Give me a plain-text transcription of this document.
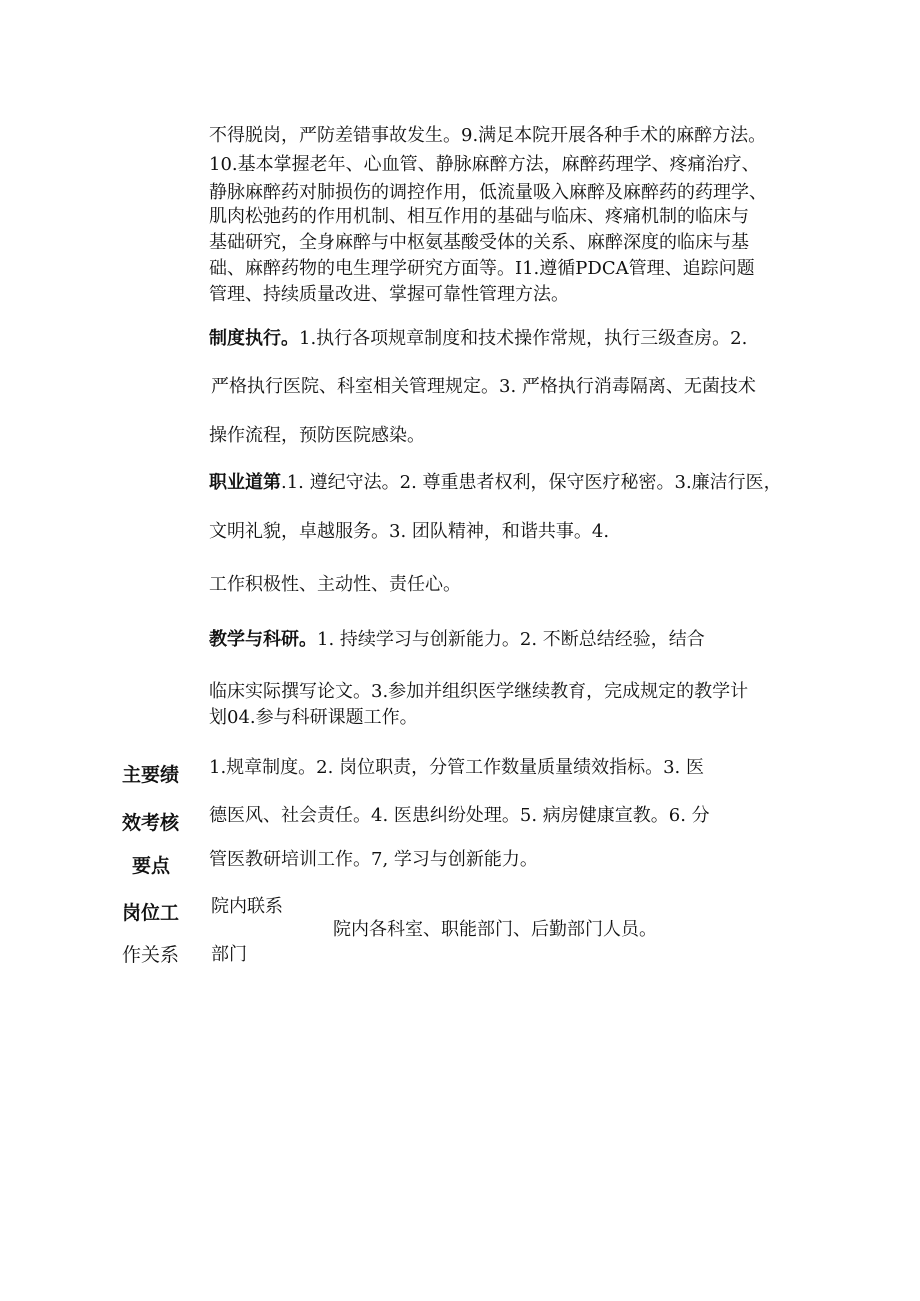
不得脱岗，严防差错事故发生。9.满足本院开展各种手术的麻醉方法。
10.基本掌握老年、心血管、静脉麻醉方法，麻醉药理学、疼痛治疗、
静脉麻醉药对肺损伤的调控作用，低流量吸入麻醉及麻醉药的药理学、
肌肉松弛药的作用机制、相互作用的基础与临床、疼痛机制的临床与
基础研究，全身麻醉与中枢氨基酸受体的关系、麻醉深度的临床与基
础、麻醉药物的电生理学研究方面等。I1.遵循PDCA管理、追踪问题
管理、持续质量改进、掌握可靠性管理方法。
制度执行。1.执行各项规章制度和技术操作常规，执行三级查房。2.
严格执行医院、科室相关管理规定。3. 严格执行消毒隔离、无菌技术
操作流程，预防医院感染。
职业道第.1. 遵纪守法。2. 尊重患者权利，保守医疗秘密。3.廉洁行医，
文明礼貌，卓越服务。3. 团队精神，和谐共事。4.
工作积极性、主动性、责任心。
教学与科研。1. 持续学习与创新能力。2. 不断总结经验，结合
临床实际撰写论文。3.参加并组织医学继续教育，完成规定的教学计
划04.参与科研课题工作。
主要绩
效考核
要点
1.规章制度。2. 岗位职责，分管工作数量质量绩效指标。3. 医
德医风、社会责任。4. 医患纠纷处理。5. 病房健康宣教。6. 分
管医教研培训工作。7, 学习与创新能力。
岗位工
作关系
院内联系
部门
院内各科室、职能部门、后勤部门人员。
